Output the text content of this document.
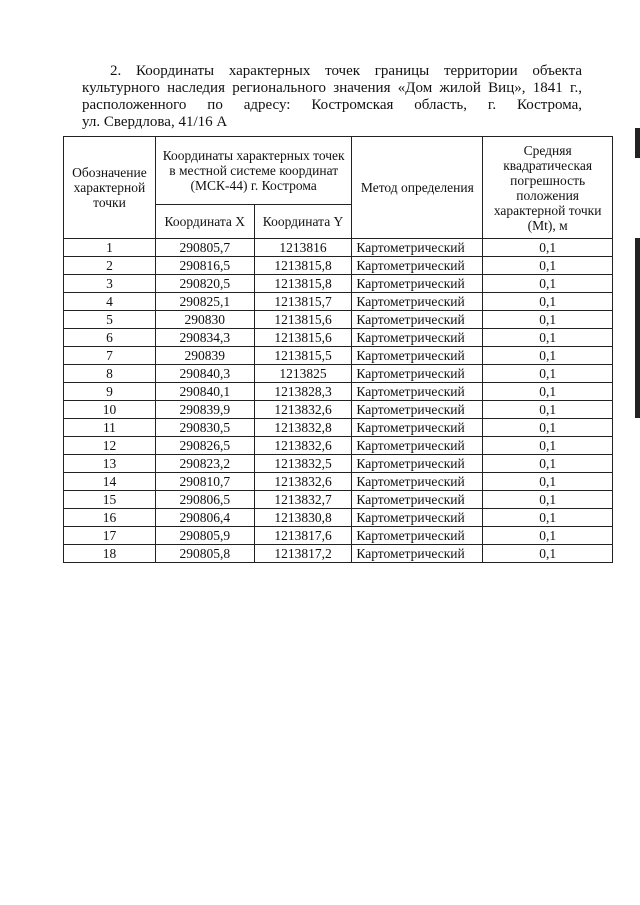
2. Координаты характерных точек границы территории объекта
культурного наследия регионального значения «Дом жилой Виц», 1841 г.,
расположенного по адресу: Костромская область, г. Кострома,
ул. Свердлова, 41/16 А
Обозначение характерной точки	Координаты характерных точек в местной системе координат (МСК-44) г. Кострома		Метод определения	Средняя квадратическая погрешность положения характерной точки (Mt), м
	Координата X	Координата Y		
1	290805,7	1213816	Картометрический	0,1
2	290816,5	1213815,8	Картометрический	0,1
3	290820,5	1213815,8	Картометрический	0,1
4	290825,1	1213815,7	Картометрический	0,1
5	290830	1213815,6	Картометрический	0,1
6	290834,3	1213815,6	Картометрический	0,1
7	290839	1213815,5	Картометрический	0,1
8	290840,3	1213825	Картометрический	0,1
9	290840,1	1213828,3	Картометрический	0,1
10	290839,9	1213832,6	Картометрический	0,1
11	290830,5	1213832,8	Картометрический	0,1
12	290826,5	1213832,6	Картометрический	0,1
13	290823,2	1213832,5	Картометрический	0,1
14	290810,7	1213832,6	Картометрический	0,1
15	290806,5	1213832,7	Картометрический	0,1
16	290806,4	1213830,8	Картометрический	0,1
17	290805,9	1213817,6	Картометрический	0,1
18	290805,8	1213817,2	Картометрический	0,1
